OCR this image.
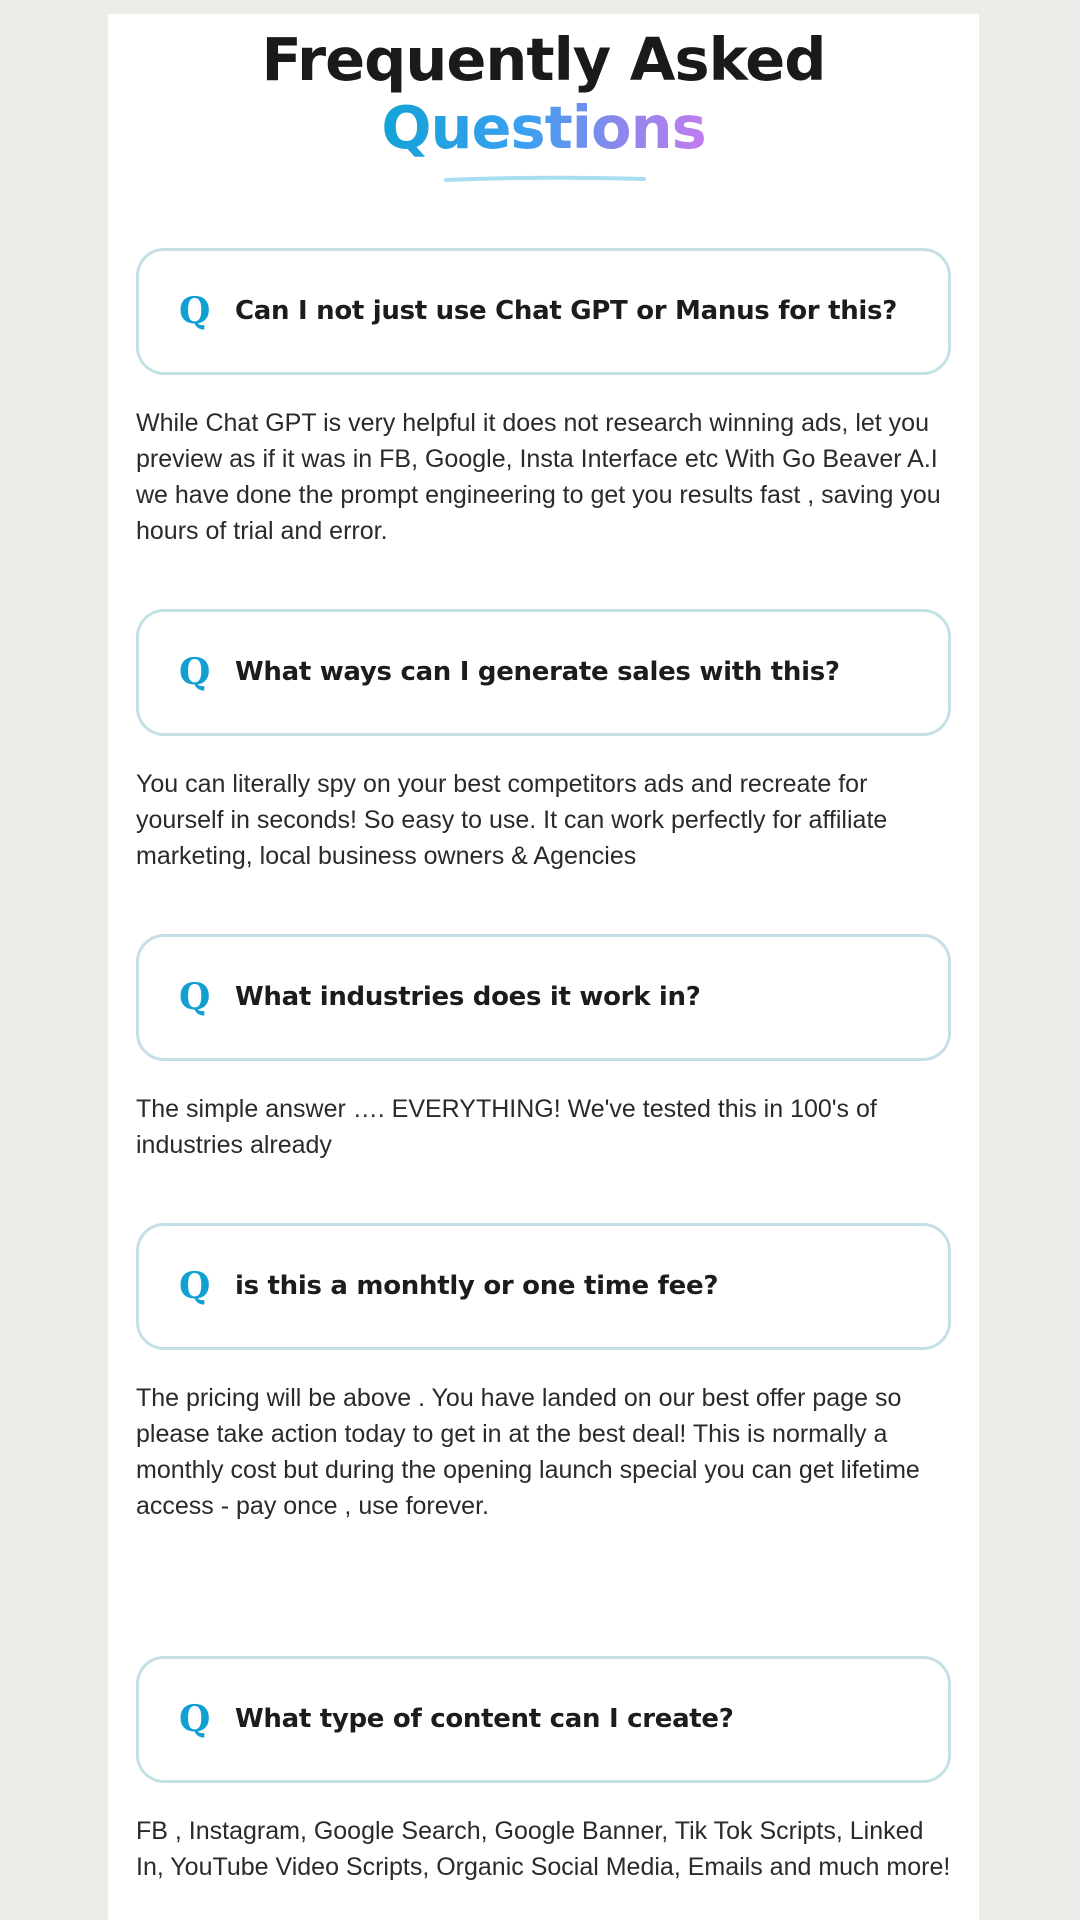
Frequently Asked
Questions
Q Can I not just use Chat GPT or Manus for this?
While Chat GPT is very helpful it does not research winning ads, let you preview as if it was in FB, Google, Insta Interface etc With Go Beaver A.I we have done the prompt engineering to get you results fast , saving you hours of trial and error.
Q What ways can I generate sales with this?
You can literally spy on your best competitors ads and recreate for yourself in seconds! So easy to use. It can work perfectly for affiliate marketing, local business owners & Agencies
Q What industries does it work in?
The simple answer …. EVERYTHING! We've tested this in 100's of industries already
Q is this a monhtly or one time fee?
The pricing will be above . You have landed on our best offer page so please take action today to get in at the best deal! This is normally a monthly cost but during the opening launch special you can get lifetime access - pay once , use forever.
Q What type of content can I create?
FB , Instagram, Google Search, Google Banner, Tik Tok Scripts, Linked In, YouTube Video Scripts, Organic Social Media, Emails and much more!
